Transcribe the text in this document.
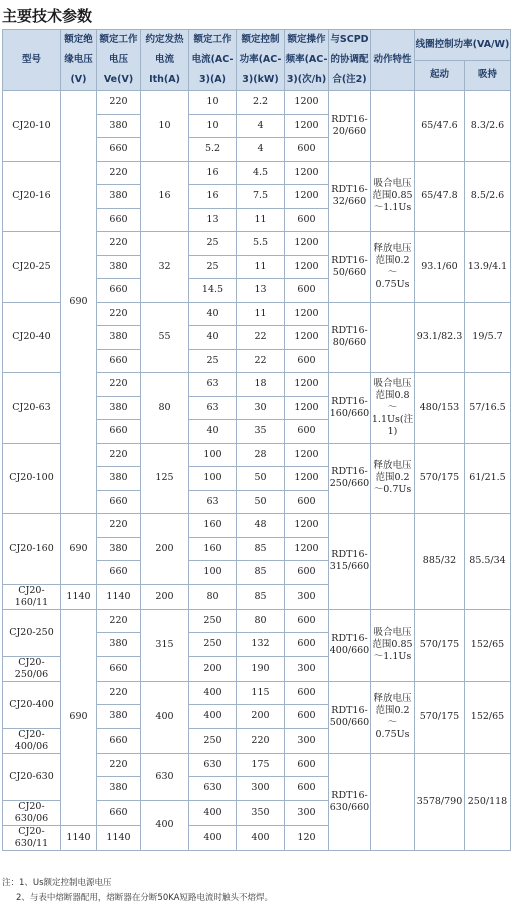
主要技术参数
型号	额定绝缘电压(V)	额定工作电压Ve(V)	约定发热电流Ith(A)	额定工作电流(AC-3)(A)	额定控制功率(AC-3)(kW)	额定操作频率(AC-3)(次/h)	与SCPD的协调配合(注2)	动作特性	线圈控制功率(VA/W)	
									起动	吸持
CJ20-10	690	220	10	10	2.2	1200	RDT16-20/660		65/47.6	8.3/2.6
		380		10	4	1200				
		660		5.2	4	600				
CJ20-16		220	16	16	4.5	1200	RDT16-32/660	吸合电压范围0.85～1.1Us	65/47.8	8.5/2.6
		380		16	7.5	1200				
		660		13	11	600				
CJ20-25		220	32	25	5.5	1200	RDT16-50/660	释放电压范围0.2～0.75Us	93.1/60	13.9/4.1
		380		25	11	1200				
		660		14.5	13	600				
CJ20-40		220	55	40	11	1200	RDT16-80/660		93.1/82.3	19/5.7
		380		40	22	1200				
		660		25	22	600				
CJ20-63		220	80	63	18	1200	RDT16-160/660	吸合电压范围0.8～1.1Us(注1)	480/153	57/16.5
		380		63	30	1200				
		660		40	35	600				
CJ20-100		220	125	100	28	1200	RDT16-250/660	释放电压范围0.2～0.7Us	570/175	61/21.5
		380		100	50	1200				
		660		63	50	600				
CJ20-160	690	220	200	160	48	1200	RDT16-315/660		885/32	85.5/34
		380		160	85	1200				
		660		100	85	600				
CJ20-160/11	1140	1140	200	80	85	300				
CJ20-250	690	220	315	250	80	600	RDT16-400/660	吸合电压范围0.85～1.1Us	570/175	152/65
		380		250	132	600				
CJ20-250/06		660		200	190	300				
CJ20-400		220	400	400	115	600	RDT16-500/660	释放电压范围0.2～0.75Us	570/175	152/65
		380		400	200	600				
CJ20-400/06		660		250	220	300				
CJ20-630		220	630	630	175	600	RDT16-630/660		3578/790	250/118
		380		630	300	600				
CJ20-630/06		660	400	400	350	300				
CJ20-630/11	1140	1140		400	400	120				
注：1、Us额定控制电源电压
2、与表中熔断器配用，熔断器在分断50KA短路电流时触头不熔焊。
